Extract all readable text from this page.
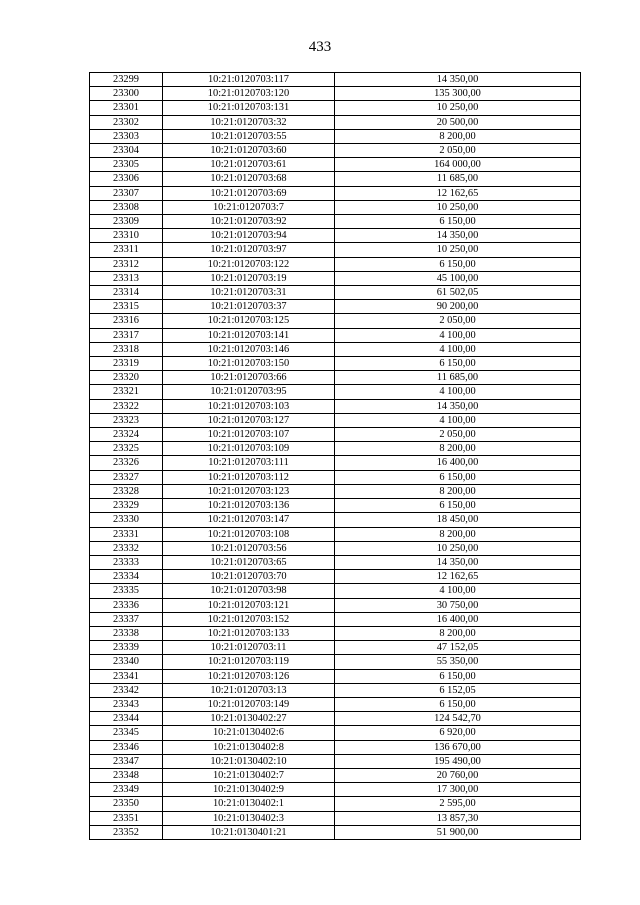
433
23299	10:21:0120703:117	14 350,00
23300	10:21:0120703:120	135 300,00
23301	10:21:0120703:131	10 250,00
23302	10:21:0120703:32	20 500,00
23303	10:21:0120703:55	8 200,00
23304	10:21:0120703:60	2 050,00
23305	10:21:0120703:61	164 000,00
23306	10:21:0120703:68	11 685,00
23307	10:21:0120703:69	12 162,65
23308	10:21:0120703:7	10 250,00
23309	10:21:0120703:92	6 150,00
23310	10:21:0120703:94	14 350,00
23311	10:21:0120703:97	10 250,00
23312	10:21:0120703:122	6 150,00
23313	10:21:0120703:19	45 100,00
23314	10:21:0120703:31	61 502,05
23315	10:21:0120703:37	90 200,00
23316	10:21:0120703:125	2 050,00
23317	10:21:0120703:141	4 100,00
23318	10:21:0120703:146	4 100,00
23319	10:21:0120703:150	6 150,00
23320	10:21:0120703:66	11 685,00
23321	10:21:0120703:95	4 100,00
23322	10:21:0120703:103	14 350,00
23323	10:21:0120703:127	4 100,00
23324	10:21:0120703:107	2 050,00
23325	10:21:0120703:109	8 200,00
23326	10:21:0120703:111	16 400,00
23327	10:21:0120703:112	6 150,00
23328	10:21:0120703:123	8 200,00
23329	10:21:0120703:136	6 150,00
23330	10:21:0120703:147	18 450,00
23331	10:21:0120703:108	8 200,00
23332	10:21:0120703:56	10 250,00
23333	10:21:0120703:65	14 350,00
23334	10:21:0120703:70	12 162,65
23335	10:21:0120703:98	4 100,00
23336	10:21:0120703:121	30 750,00
23337	10:21:0120703:152	16 400,00
23338	10:21:0120703:133	8 200,00
23339	10:21:0120703:11	47 152,05
23340	10:21:0120703:119	55 350,00
23341	10:21:0120703:126	6 150,00
23342	10:21:0120703:13	6 152,05
23343	10:21:0120703:149	6 150,00
23344	10:21:0130402:27	124 542,70
23345	10:21:0130402:6	6 920,00
23346	10:21:0130402:8	136 670,00
23347	10:21:0130402:10	195 490,00
23348	10:21:0130402:7	20 760,00
23349	10:21:0130402:9	17 300,00
23350	10:21:0130402:1	2 595,00
23351	10:21:0130402:3	13 857,30
23352	10:21:0130401:21	51 900,00
